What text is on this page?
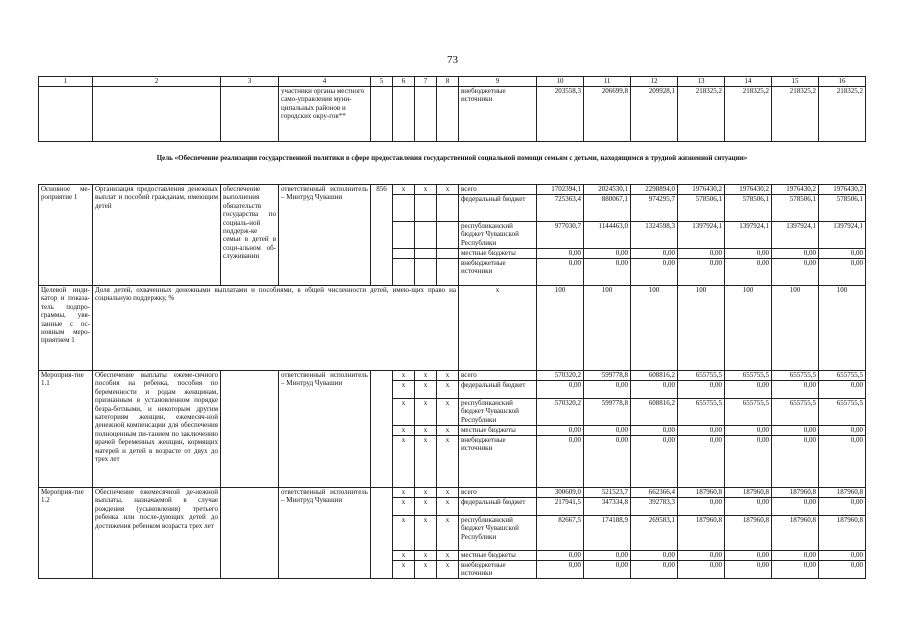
73
1	2	3	4	5	6	7	8	9	10	11	12	13	14	15	16
			участники органы местного само-управления муни-ципальных районов и городских окру-гов**					внебюджетные источники	203558,3	206699,8	209928,1	218325,2	218325,2	218325,2	218325,2
Цель «Обеспечение реализации государственной политики в сфере предоставления государственной социальной помощи семьям с детьми, находящимся в трудной жизненной ситуации»															
Основное ме-роприятие 1	Организация предоставления денежных выплат и пособий гражданам, имеющим детей	обеспечение выполнения обязательств государства по социаль-ной поддерж-ке семьи в детей в соци-альном об-служивании	ответственный исполнитель – Минтруд Чувашии	856	x	x	x	всего	1702394,1	2024530,1	2298894,0	1976430,2	1976430,2	1976430,2	1976430,2
								федеральный бюджет	725363,4	880067,1	974295,7	578506,1	578506,1	578506,1	578506,1
								республиканский бюджет Чувашской Республики	977030,7	1144463,0	1324598,3	1397924,1	1397924,1	1397924,1	1397924,1
								местные бюджеты	0,00	0,00	0,00	0,00	0,00	0,00	0,00
								внебюджетные источники	0,00	0,00	0,00	0,00	0,00	0,00	0,00
Целевой инди-катор и показа-тель подпро-граммы, увя-занные с ос-новным меро-приятием 1	Доля детей, охваченных денежными выплатами и пособиями, в общей численности детей, имею-щих право на социальную поддержку, %							x	100	100	100	100	100	100	100
Мероприя-тие 1.1	Обеспечение выплаты ежеме-сячного пособия на ребенка, пособия по беременности и родам женщинам, признанным в установленном порядке безра-ботными, и некоторым другим категориям женщин, ежемесяч-ной денежной компенсации для обеспечения полноценным пи-танием по заключению врачей беременных женщин, кормящих матерей и детей в возрасте от двух до трех лет		ответственный исполнитель – Минтруд Чувашии		x	x	x	всего	570320,2	599778,8	608816,2	655755,5	655755,5	655755,5	655755,5
					x	x	x	федеральный бюджет	0,00	0,00	0,00	0,00	0,00	0,00	0,00
					x	x	x	республиканский бюджет Чувашской Республики	570320,2	599778,8	608816,2	655755,5	655755,5	655755,5	655755,5
					x	x	x	местные бюджеты	0,00	0,00	0,00	0,00	0,00	0,00	0,00
					x	x	x	внебюджетные источники	0,00	0,00	0,00	0,00	0,00	0,00	0,00
Мероприя-тие 1.2	Обеспечение ежемесячной де-нежной выплаты, назначаемой в случае рождения (усыновления) третьего ребенка или после-дующих детей до достижения ребенком возраста трех лет		ответственный исполнитель – Минтруд Чувашии		x	x	x	всего	300609,0	521523,7	662366,4	187960,8	187960,8	187960,8	187960,8
					x	x	x	федеральный бюджет	217941,5	347334,8	392783,3	0,00	0,00	0,00	0,00
					x	x	x	республиканский бюджет Чувашской Республики	82667,5	174188,9	269583,1	187960,8	187960,8	187960,8	187960,8
					x	x	x	местные бюджеты	0,00	0,00	0,00	0,00	0,00	0,00	0,00
					x	x	x	внебюджетные источники	0,00	0,00	0,00	0,00	0,00	0,00	0,00
